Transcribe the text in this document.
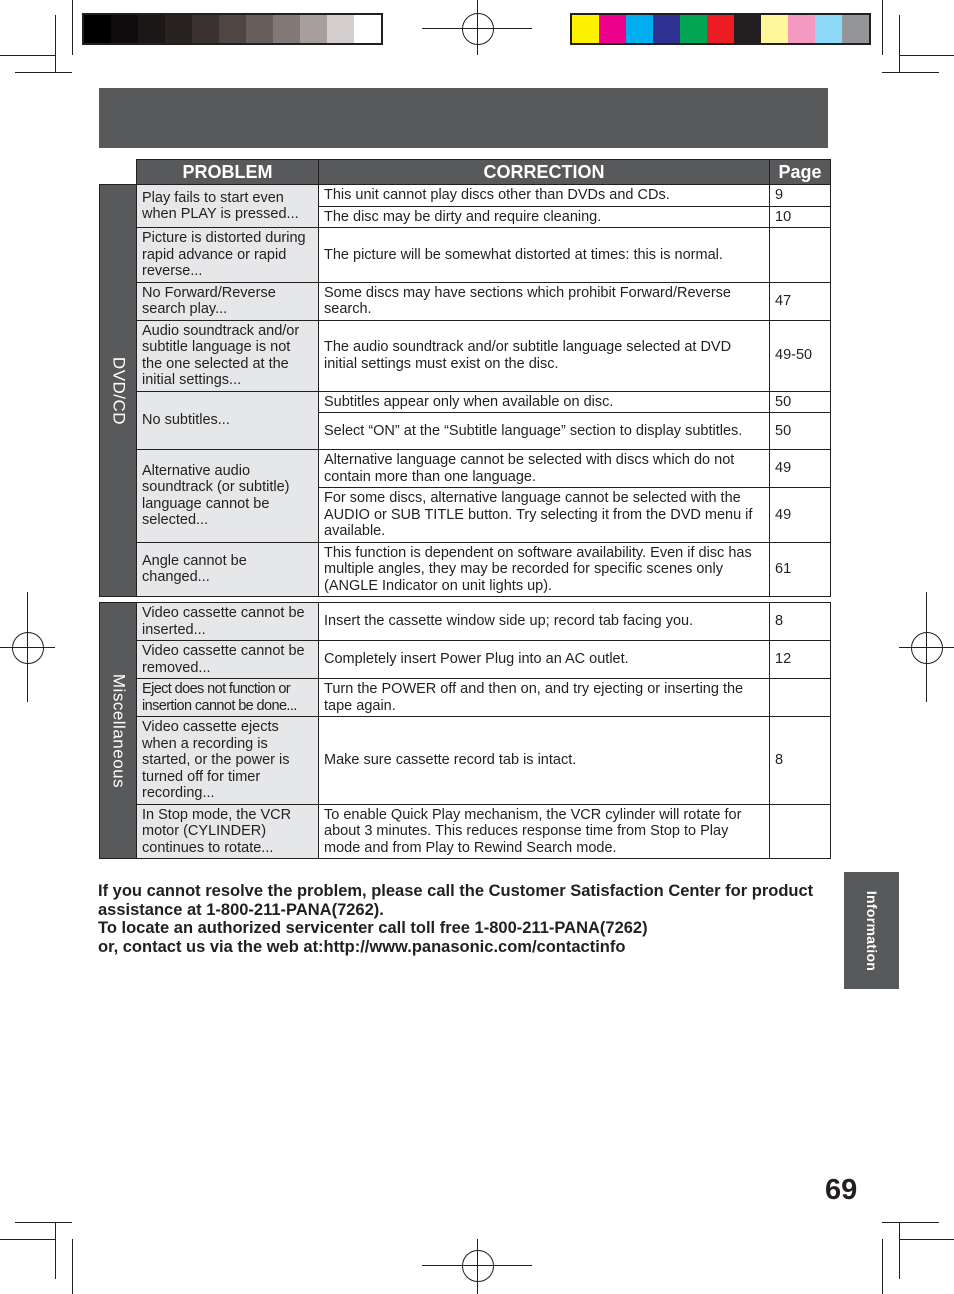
	PROBLEM	CORRECTION	Page

DVD/CD	Play fails to start even when PLAY is pressed...	This unit cannot play discs other than DVDs and CDs.	9
		The disc may be dirty and require cleaning.	10
	Picture is distorted during rapid advance or rapid reverse...	The picture will be somewhat distorted at times: this is normal.	
	No Forward/Reverse search play...	Some discs may have sections which prohibit Forward/Reverse search.	47
	Audio soundtrack and/or subtitle language is not the one selected at the initial settings...	The audio soundtrack and/or subtitle language selected at DVD initial settings must exist on the disc.	49-50
	No subtitles...	Subtitles appear only when available on disc.	50
		Select “ON” at the “Subtitle language” section to display subtitles.	50
	Alternative audio soundtrack (or subtitle) language cannot be selected...	Alternative language cannot be selected with discs which do not contain more than one language.	49
		For some discs, alternative language cannot be selected with the AUDIO or SUB TITLE button. Try selecting it from the DVD menu if available.	49
	Angle cannot be changed...	This function is dependent on software availability. Even if disc has multiple angles, they may be recorded for specific scenes only (ANGLE Indicator on unit lights up).	61
Miscellaneous	Video cassette cannot be inserted...	Insert the cassette window side up; record tab facing you.	8
	Video cassette cannot be removed...	Completely insert Power Plug into an AC outlet.	12
	Eject does not function or insertion cannot be done...	Turn the POWER off and then on, and try ejecting or inserting the tape again.	
	Video cassette ejects when a recording is started, or the power is turned off for timer recording...	Make sure cassette record tab is intact.	8
	In Stop mode, the VCR motor (CYLINDER) continues to rotate...	To enable Quick Play mechanism, the VCR cylinder will rotate for about 3 minutes. This reduces response time from Stop to Play mode and from Play to Rewind Search mode.	
If you cannot resolve the problem, please call the Customer Satisfaction Center for product assistance at 1-800-211-PANA(7262).
To locate an authorized servicenter call toll free 1-800-211-PANA(7262)
or, contact us via the web at:http://www.panasonic.com/contactinfo	Information
69
